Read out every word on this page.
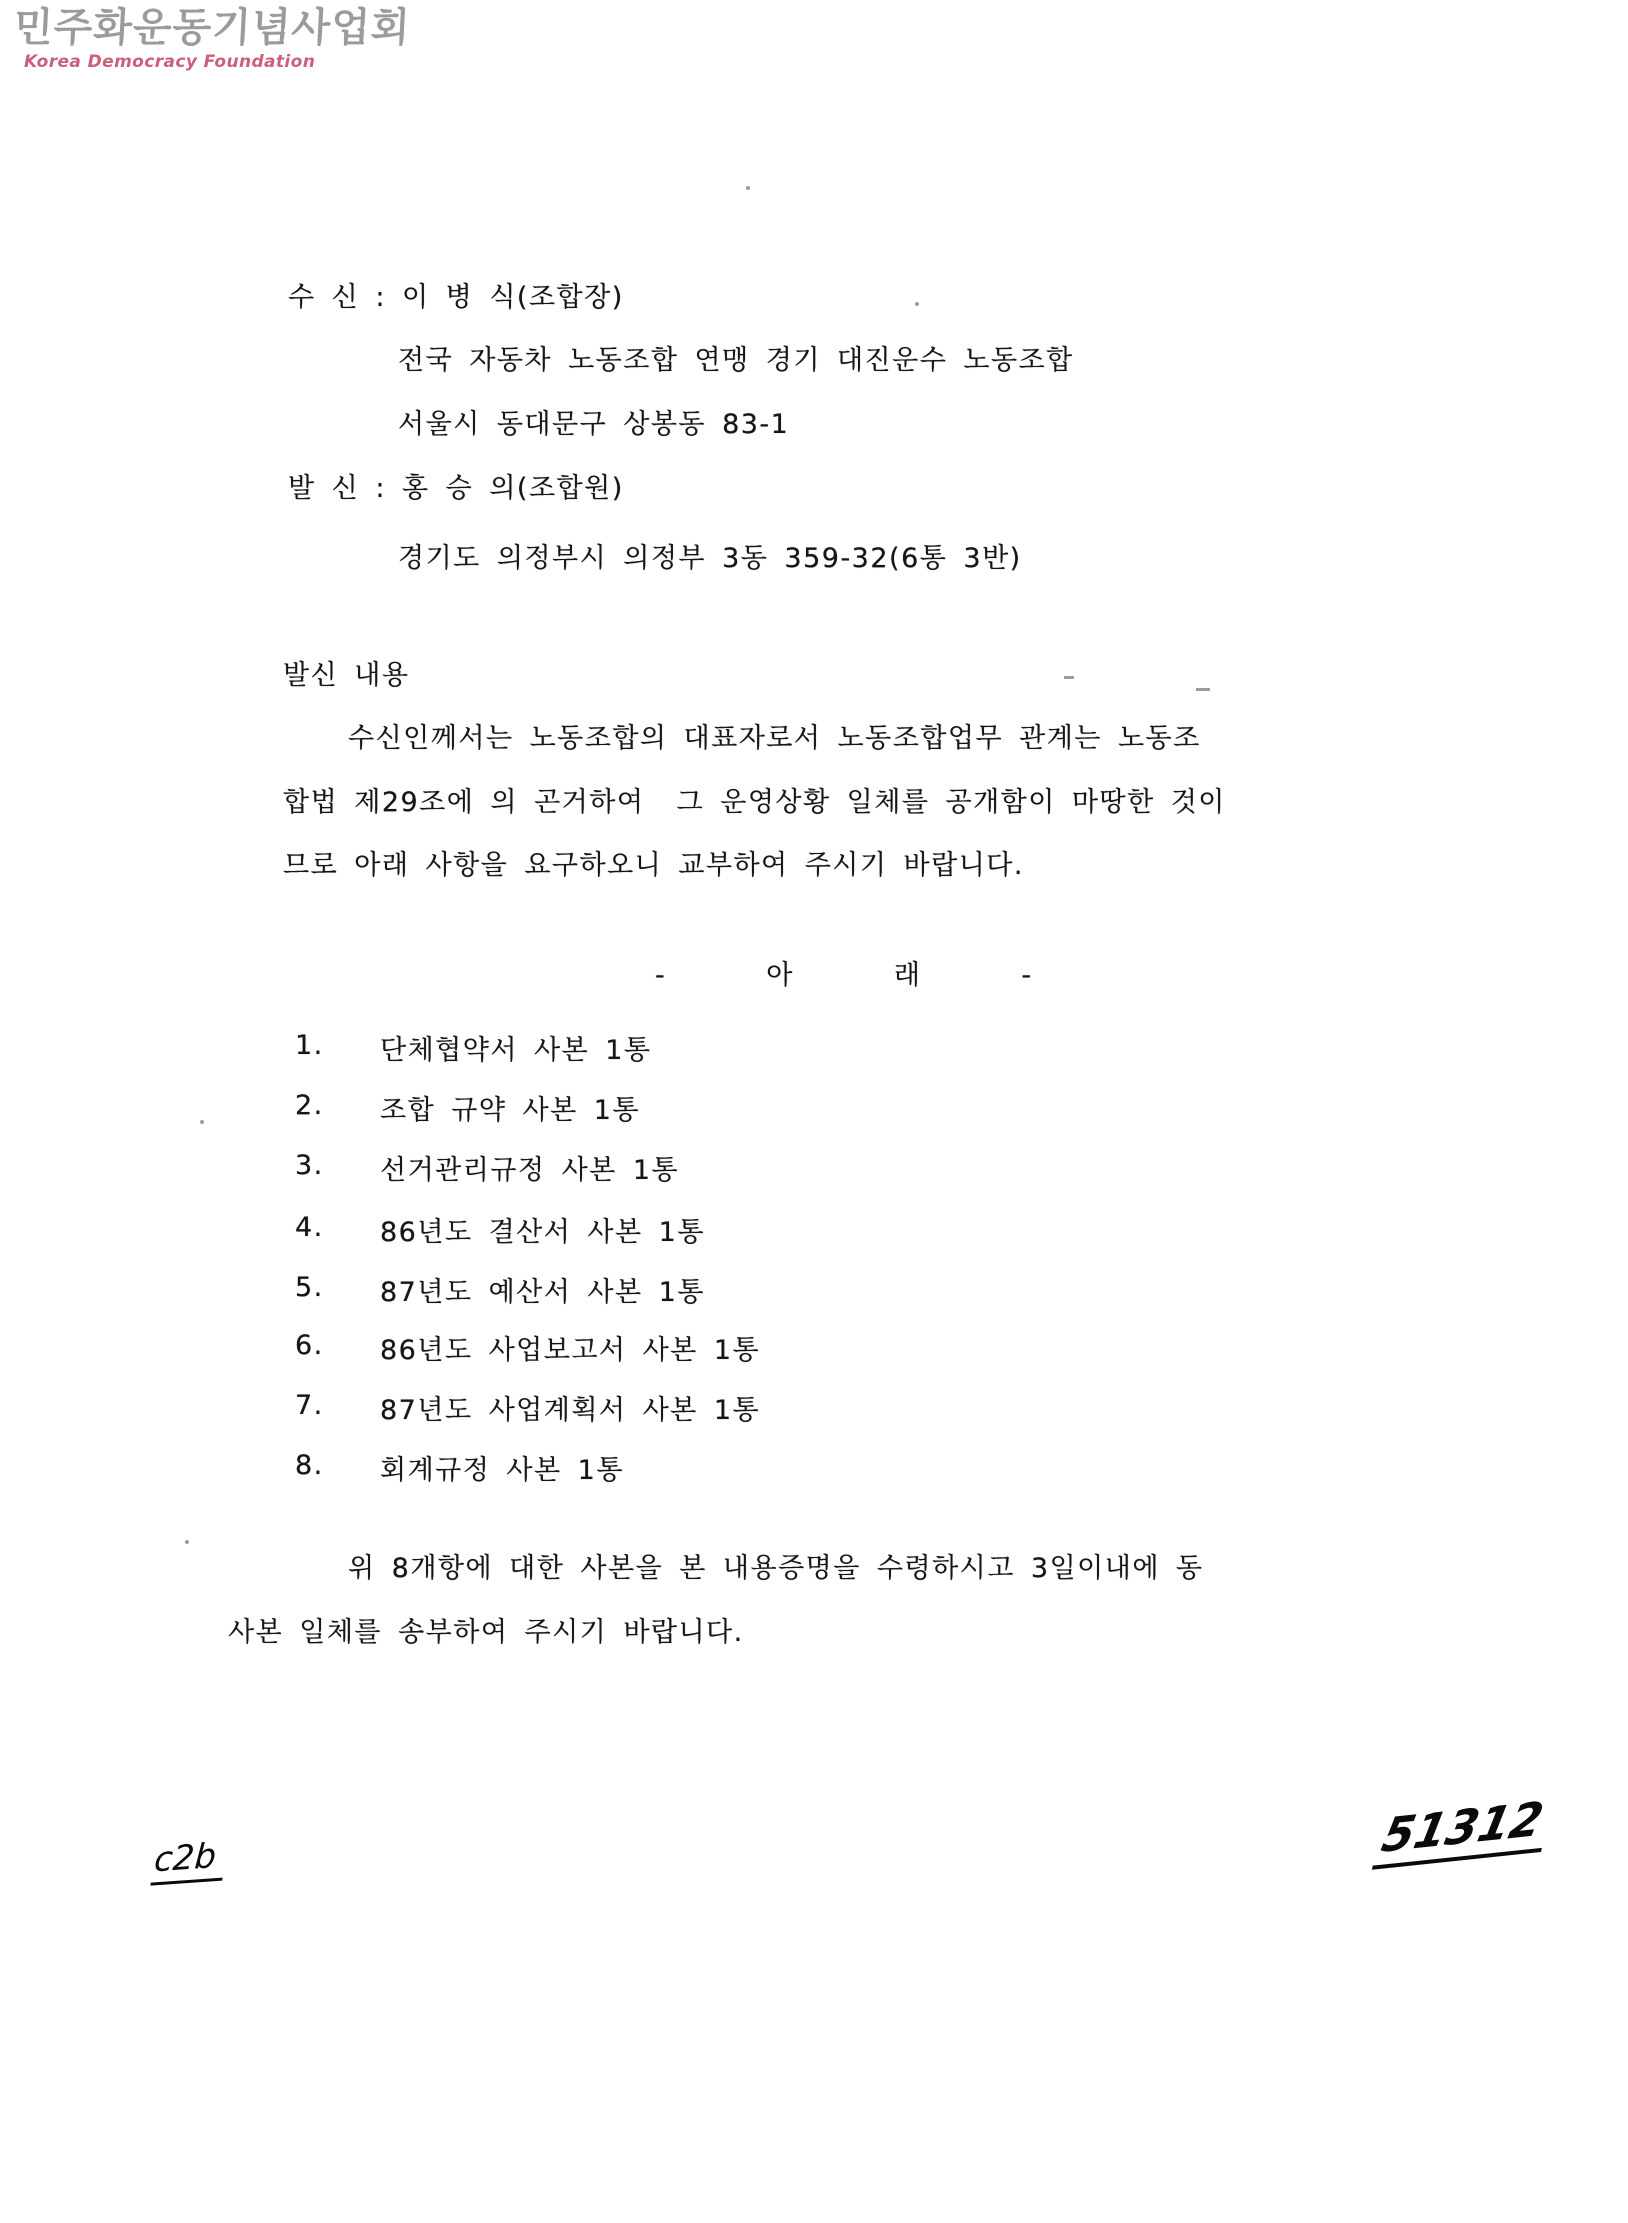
민주화운동기념사업회
Korea Democracy Foundation
수 신 : 이 병 식(조합장)
전국 자동차 노동조합 연맹 경기 대진운수 노동조합
서울시 동대문구 상봉동 83-1
발 신 : 홍 승 의(조합원)
경기도 의정부시 의정부 3동 359-32(6통 3반)
발신 내용
수신인께서는 노동조합의 대표자로서 노동조합업무 관계는 노동조
합법 제29조에 의 곤거하여  그 운영상황 일체를 공개함이 마땅한 것이
므로 아래 사항을 요구하오니 교부하여 주시기 바랍니다.
-      아      래      -
1. 단체협약서 사본 1통
2. 조합 규약 사본 1통
3. 선거관리규정 사본 1통
4. 86년도 결산서 사본 1통
5. 87년도 예산서 사본 1통
6. 86년도 사업보고서 사본 1통
7. 87년도 사업계획서 사본 1통
8. 회계규정 사본 1통
위 8개항에 대한 사본을 본 내용증명을 수령하시고 3일이내에 동
사본 일체를 송부하여 주시기 바랍니다.
c2b	51312
